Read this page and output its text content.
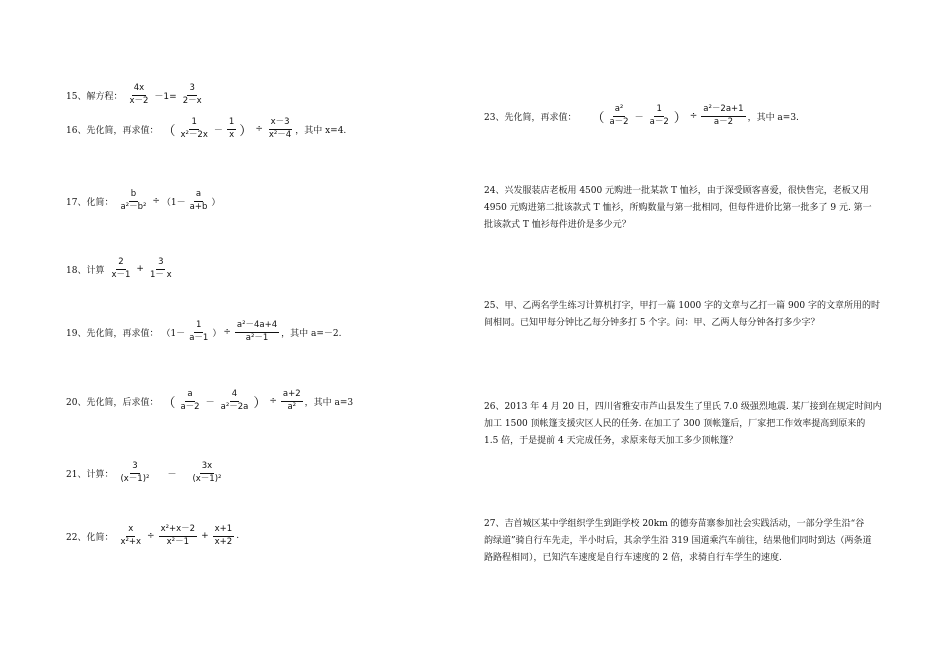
15、解方程： $\frac{4x}{x-2} -1= \frac{3}{2-x}$
16、先化简，再求值： （ $\frac{1}{\text{x²－2x}} - \frac{1}{x}$ ） ÷ $\frac{x-3}{\text{x²－4}}$ ，其中 x=4.
17、化简： $\frac{b}{\text{a²－b²}} \div (1- \frac{a}{a+b}$ ）
18、计算 $\frac{2}{x-1} + \frac{3}{1- x}$
19、先化简，再求值： （$1- \frac{1}{a-1}$ ） ÷ $\frac{\text{a²－4a+4}}{\text{a²－1}}$ ，其中 a=－2.
20、先化简，后求值： （ $\frac{a}{a-2} - \frac{4}{\text{a²－2a}}$ ） ÷ $\frac{a+2}{\text{a²}}$ ，其中 a=3
21、计算： $\frac{3}{\text{(x－1)²}} - \frac{3x}{\text{(x－1)²}}$
22、化简： $\frac{x}{\text{x²+x}} \div \frac{\text{x²+x－2}}{\text{x²－1}} + \frac{x+1}{x+2}$ .
23、先化简，再求值： （ $\frac{\text{a²}}{a-2} - \frac{1}{a-2}$ ） ÷ $\frac{\text{a²－2a+1}}{a-2}$ ，其中 a=3.
24、兴发服装店老板用 4500 元购进一批某款 T 恤衫，由于深受顾客喜爱，很快售完，老板又用
4950 元购进第二批该款式 T 恤衫，所购数量与第一批相同，但每件进价比第一批多了 9 元. 第一
批该款式 T 恤衫每件进价是多少元？
25、甲、乙两名学生练习计算机打字，甲打一篇 1000 字的文章与乙打一篇 900 字的文章所用的时
间相同。已知甲每分钟比乙每分钟多打 5 个字。问：甲、乙两人每分钟各打多少字？
26、2013 年 4 月 20 日，四川省雅安市芦山县发生了里氏 7.0 级强烈地震. 某厂接到在规定时间内
加工 1500 顶帐篷支援灾区人民的任务. 在加工了 300 顶帐篷后，厂家把工作效率提高到原来的
1.5 倍，于是提前 4 天完成任务，求原来每天加工多少顶帐篷？
27、吉首城区某中学组织学生到距学校 20km 的德夯苗寨参加社会实践活动，一部分学生沿“谷
韵绿道”骑自行车先走，半小时后，其余学生沿 319 国道乘汽车前往，结果他们同时到达（两条道
路路程相同），已知汽车速度是自行车速度的 2 倍，求骑自行车学生的速度.
